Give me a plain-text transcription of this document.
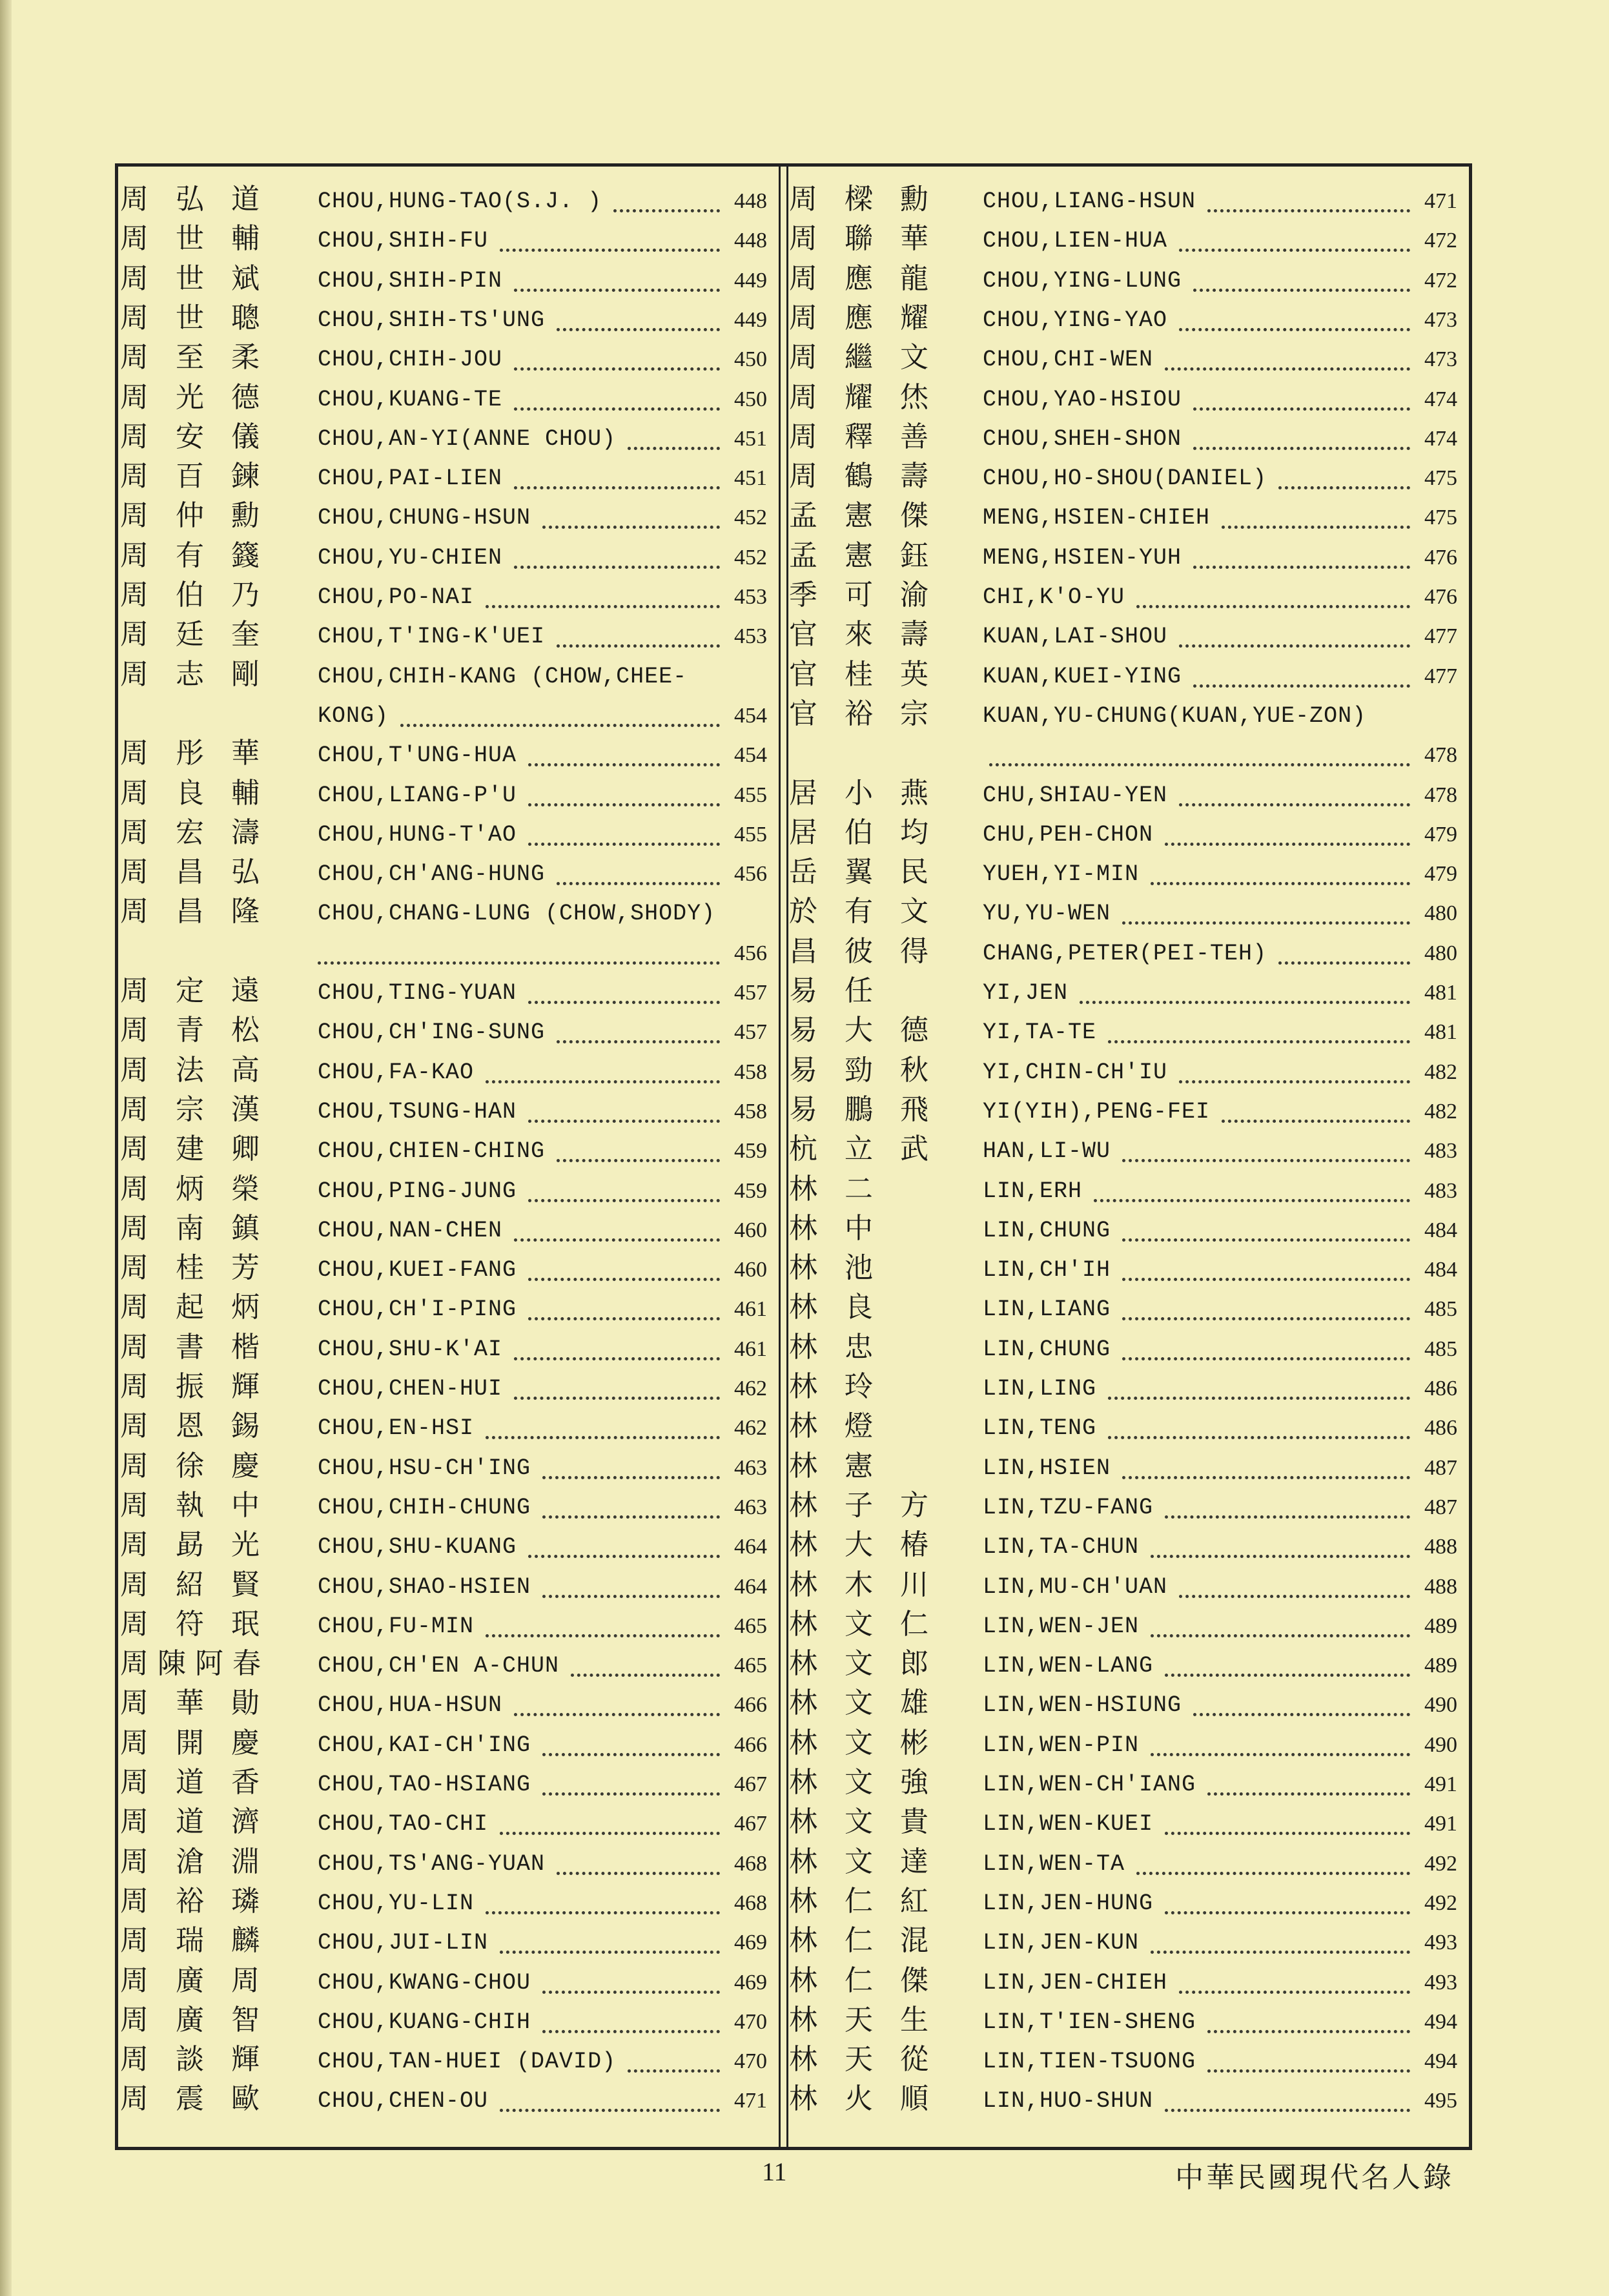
周 弘 道	CHOU,HUNG-TAO(S.J. )	448
周 世 輔	CHOU,SHIH-FU	448
周 世 斌	CHOU,SHIH-PIN	449
周 世 聰	CHOU,SHIH-TS'UNG	449
周 至 柔	CHOU,CHIH-JOU	450
周 光 德	CHOU,KUANG-TE	450
周 安 儀	CHOU,AN-YI(ANNE CHOU)	451
周 百 鍊	CHOU,PAI-LIEN	451
周 仲 勳	CHOU,CHUNG-HSUN	452
周 有 籛	CHOU,YU-CHIEN	452
周 伯 乃	CHOU,PO-NAI	453
周 廷 奎	CHOU,T'ING-K'UEI	453
周 志 剛	CHOU,CHIH-KANG (CHOW,CHEE-
KONG)	454
周 彤 華	CHOU,T'UNG-HUA	454
周 良 輔	CHOU,LIANG-P'U	455
周 宏 濤	CHOU,HUNG-T'AO	455
周 昌 弘	CHOU,CH'ANG-HUNG	456
周 昌 隆	CHOU,CHANG-LUNG (CHOW,SHODY)
456
周 定 遠	CHOU,TING-YUAN	457
周 青 松	CHOU,CH'ING-SUNG	457
周 法 高	CHOU,FA-KAO	458
周 宗 漢	CHOU,TSUNG-HAN	458
周 建 卿	CHOU,CHIEN-CHING	459
周 炳 榮	CHOU,PING-JUNG	459
周 南 鎮	CHOU,NAN-CHEN	460
周 桂 芳	CHOU,KUEI-FANG	460
周 起 炳	CHOU,CH'I-PING	461
周 書 楷	CHOU,SHU-K'AI	461
周 振 輝	CHOU,CHEN-HUI	462
周 恩 錫	CHOU,EN-HSI	462
周 徐 慶	CHOU,HSU-CH'ING	463
周 執 中	CHOU,CHIH-CHUNG	463
周 勗 光	CHOU,SHU-KUANG	464
周 紹 賢	CHOU,SHAO-HSIEN	464
周 符 珉	CHOU,FU-MIN	465
周陳阿春	CHOU,CH'EN A-CHUN	465
周 華 勛	CHOU,HUA-HSUN	466
周 開 慶	CHOU,KAI-CH'ING	466
周 道 香	CHOU,TAO-HSIANG	467
周 道 濟	CHOU,TAO-CHI	467
周 滄 淵	CHOU,TS'ANG-YUAN	468
周 裕 璘	CHOU,YU-LIN	468
周 瑞 麟	CHOU,JUI-LIN	469
周 廣 周	CHOU,KWANG-CHOU	469
周 廣 智	CHOU,KUANG-CHIH	470
周 談 輝	CHOU,TAN-HUEI (DAVID)	470
周 震 歐	CHOU,CHEN-OU	471
周 樑 勳	CHOU,LIANG-HSUN	471
周 聯 華	CHOU,LIEN-HUA	472
周 應 龍	CHOU,YING-LUNG	472
周 應 耀	CHOU,YING-YAO	473
周 繼 文	CHOU,CHI-WEN	473
周 耀 烋	CHOU,YAO-HSIOU	474
周 釋 善	CHOU,SHEH-SHON	474
周 鶴 壽	CHOU,HO-SHOU(DANIEL)	475
孟 憲 傑	MENG,HSIEN-CHIEH	475
孟 憲 鈺	MENG,HSIEN-YUH	476
季 可 渝	CHI,K'O-YU	476
官 來 壽	KUAN,LAI-SHOU	477
官 桂 英	KUAN,KUEI-YING	477
官 裕 宗	KUAN,YU-CHUNG(KUAN,YUE-ZON)
478
居 小 燕	CHU,SHIAU-YEN	478
居 伯 均	CHU,PEH-CHON	479
岳 翼 民	YUEH,YI-MIN	479
於 有 文	YU,YU-WEN	480
昌 彼 得	CHANG,PETER(PEI-TEH)	480
易 任	YI,JEN	481
易 大 德	YI,TA-TE	481
易 勁 秋	YI,CHIN-CH'IU	482
易 鵬 飛	YI(YIH),PENG-FEI	482
杭 立 武	HAN,LI-WU	483
林 二	LIN,ERH	483
林 中	LIN,CHUNG	484
林 池	LIN,CH'IH	484
林 良	LIN,LIANG	485
林 忠	LIN,CHUNG	485
林 玲	LIN,LING	486
林 燈	LIN,TENG	486
林 憲	LIN,HSIEN	487
林 子 方	LIN,TZU-FANG	487
林 大 椿	LIN,TA-CHUN	488
林 木 川	LIN,MU-CH'UAN	488
林 文 仁	LIN,WEN-JEN	489
林 文 郎	LIN,WEN-LANG	489
林 文 雄	LIN,WEN-HSIUNG	490
林 文 彬	LIN,WEN-PIN	490
林 文 強	LIN,WEN-CH'IANG	491
林 文 貴	LIN,WEN-KUEI	491
林 文 達	LIN,WEN-TA	492
林 仁 紅	LIN,JEN-HUNG	492
林 仁 混	LIN,JEN-KUN	493
林 仁 傑	LIN,JEN-CHIEH	493
林 天 生	LIN,T'IEN-SHENG	494
林 天 從	LIN,TIEN-TSUONG	494
林 火 順	LIN,HUO-SHUN	495
11	中華民國現代名人錄
